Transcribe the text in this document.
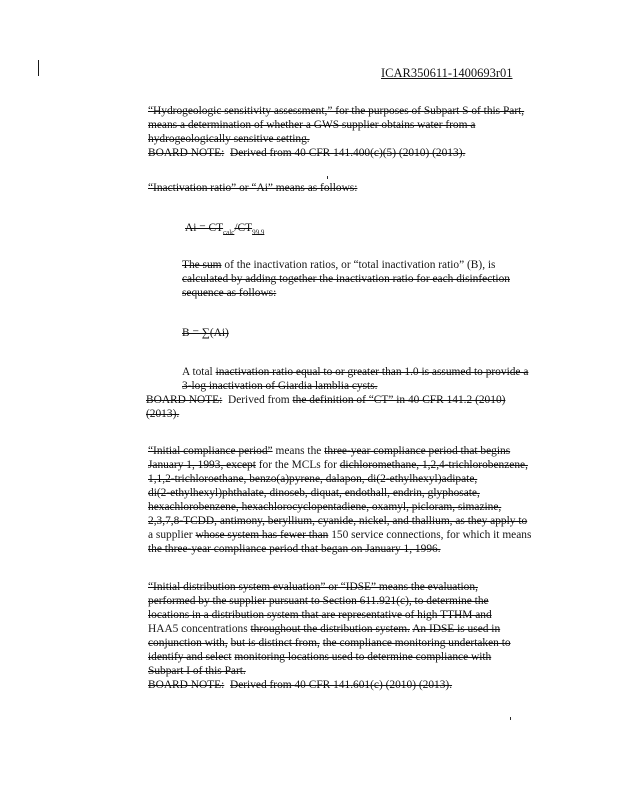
ICAR350611-1400693r01
“Hydrogeologic sensitivity assessment,” for the purposes of Subpart S of this Part,
means a determination of whether a GWS supplier obtains water from a
hydrogeologically sensitive setting.
BOARD NOTE: Derived from 40 CFR 141.400(c)(5) (2010) (2013).
“Inactivation ratio” or “Ai” means as follows:
$Ai = CT_{calc}/CT_{99.9}$
The sum of the inactivation ratios, or “total inactivation ratio” (B), is
calculated by adding together the inactivation ratio for each disinfection
sequence as follows:
B = ∑(Ai)
A total inactivation ratio equal to or greater than 1.0 is assumed to provide a
3-log inactivation of Giardia lamblia cysts.
BOARD NOTE: Derived from the definition of “CT” in 40 CFR 141.2 (2010)
(2013).
“Initial compliance period” means the three-year compliance period that begins
January 1, 1993, except for the MCLs for dichloromethane, 1,2,4-trichlorobenzene,
1,1,2-trichloroethane, benzo(a)pyrene, dalapon, di(2-ethylhexyl)adipate,
di(2-ethylhexyl)phthalate, dinoseb, diquat, endothall, endrin, glyphosate,
hexachlorobenzene, hexachlorocyclopentadiene, oxamyl, picloram, simazine,
2,3,7,8-TCDD, antimony, beryllium, cyanide, nickel, and thallium, as they apply to
a supplier whose system has fewer than 150 service connections, for which it means
the three-year compliance period that began on January 1, 1996.
“Initial distribution system evaluation” or “IDSE” means the evaluation,
performed by the supplier pursuant to Section 611.921(c), to determine the
locations in a distribution system that are representative of high TTHM and
HAA5 concentrations throughout the distribution system. An IDSE is used in
conjunction with, but is distinct from, the compliance monitoring undertaken to
identify and select monitoring locations used to determine compliance with
Subpart I of this Part.
BOARD NOTE: Derived from 40 CFR 141.601(c) (2010) (2013).
